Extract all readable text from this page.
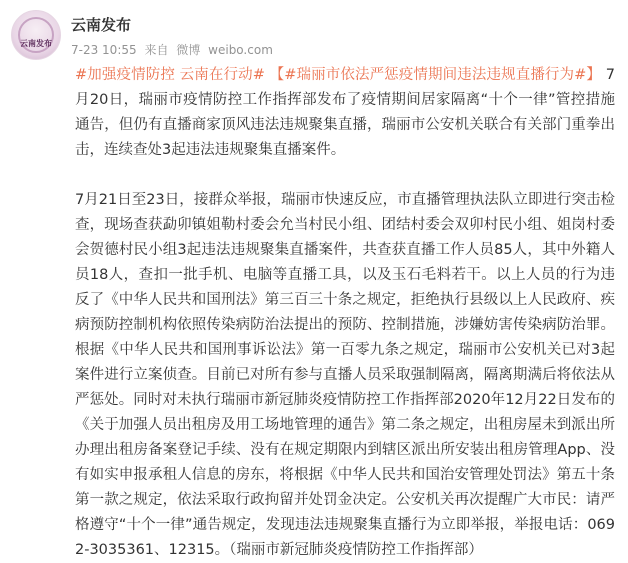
云南发布
云南发布
7-23 10:55 来自 微博 weibo.com

#加强疫情防控 云南在行动# 【#瑞丽市依法严惩疫情期间违法违规直播行为#】 7月20日，瑞丽市疫情防控工作指挥部发布了疫情期间居家隔离“十个一律”管控措施通告，但仍有直播商家顶风违法违规聚集直播，瑞丽市公安机关联合有关部门重拳出击，连续查处3起违法违规聚集直播案件。

7月21日至23日，接群众举报，瑞丽市快速反应，市直播管理执法队立即进行突击检查，现场查获勐卯镇姐勒村委会允当村民小组、团结村委会双卯村民小组、姐岗村委会贺德村民小组3起违法违规聚集直播案件，共查获直播工作人员85人，其中外籍人员18人，查扣一批手机、电脑等直播工具，以及玉石毛料若干。以上人员的行为违反了《中华人民共和国刑法》第三百三十条之规定，拒绝执行县级以上人民政府、疾病预防控制机构依照传染病防治法提出的预防、控制措施，涉嫌妨害传染病防治罪。根据《中华人民共和国刑事诉讼法》第一百零九条之规定，瑞丽市公安机关已对3起案件进行立案侦查。目前已对所有参与直播人员采取强制隔离，隔离期满后将依法从严惩处。同时对未执行瑞丽市新冠肺炎疫情防控工作指挥部2020年12月22日发布的《关于加强人员出租房及用工场地管理的通告》第二条之规定，出租房屋未到派出所办理出租房备案登记手续、没有在规定期限内到辖区派出所安装出租房管理App、没有如实申报承租人信息的房东，将根据《中华人民共和国治安管理处罚法》第五十条第一款之规定，依法采取行政拘留并处罚金决定。公安机关再次提醒广大市民：请严格遵守“十个一律”通告规定，发现违法违规聚集直播行为立即举报，举报电话：0692-3035361、12315。（瑞丽市新冠肺炎疫情防控工作指挥部）
